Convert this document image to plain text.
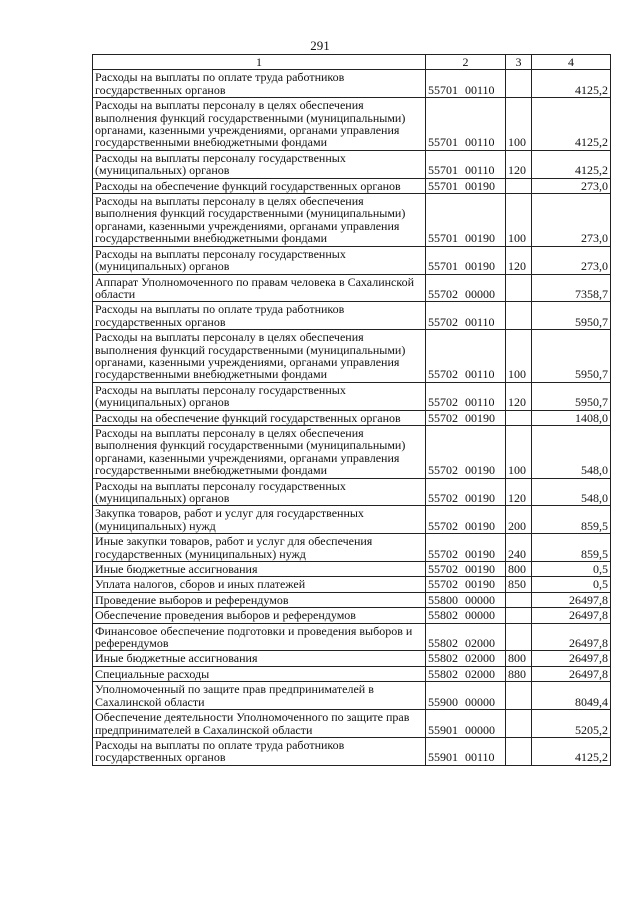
291
1	2	3	4
Расходы на выплаты по оплате труда работников государственных органов	55701 00110		4125,2
Расходы на выплаты персоналу в целях обеспечения выполнения функций государственными (муниципальными) органами, казенными учреждениями, органами управления государственными внебюджетными фондами	55701 00110	100	4125,2
Расходы на выплаты персоналу государственных (муниципальных) органов	55701 00110	120	4125,2
Расходы на обеспечение функций государственных органов	55701 00190		273,0
Расходы на выплаты персоналу в целях обеспечения выполнения функций государственными (муниципальными) органами, казенными учреждениями, органами управления государственными внебюджетными фондами	55701 00190	100	273,0
Расходы на выплаты персоналу государственных (муниципальных) органов	55701 00190	120	273,0
Аппарат Уполномоченного по правам человека в Сахалинской области	55702 00000		7358,7
Расходы на выплаты по оплате труда работников государственных органов	55702 00110		5950,7
Расходы на выплаты персоналу в целях обеспечения выполнения функций государственными (муниципальными) органами, казенными учреждениями, органами управления государственными внебюджетными фондами	55702 00110	100	5950,7
Расходы на выплаты персоналу государственных (муниципальных) органов	55702 00110	120	5950,7
Расходы на обеспечение функций государственных органов	55702 00190		1408,0
Расходы на выплаты персоналу в целях обеспечения выполнения функций государственными (муниципальными) органами, казенными учреждениями, органами управления государственными внебюджетными фондами	55702 00190	100	548,0
Расходы на выплаты персоналу государственных (муниципальных) органов	55702 00190	120	548,0
Закупка товаров, работ и услуг для государственных (муниципальных) нужд	55702 00190	200	859,5
Иные закупки товаров, работ и услуг для обеспечения государственных (муниципальных) нужд	55702 00190	240	859,5
Иные бюджетные ассигнования	55702 00190	800	0,5
Уплата налогов, сборов и иных платежей	55702 00190	850	0,5
Проведение выборов и референдумов	55800 00000		26497,8
Обеспечение проведения выборов и референдумов	55802 00000		26497,8
Финансовое обеспечение подготовки и проведения выборов и референдумов	55802 02000		26497,8
Иные бюджетные ассигнования	55802 02000	800	26497,8
Специальные расходы	55802 02000	880	26497,8
Уполномоченный по защите прав предпринимателей в Сахалинской области	55900 00000		8049,4
Обеспечение деятельности Уполномоченного по защите прав предпринимателей в Сахалинской области	55901 00000		5205,2
Расходы на выплаты по оплате труда работников государственных органов	55901 00110		4125,2
